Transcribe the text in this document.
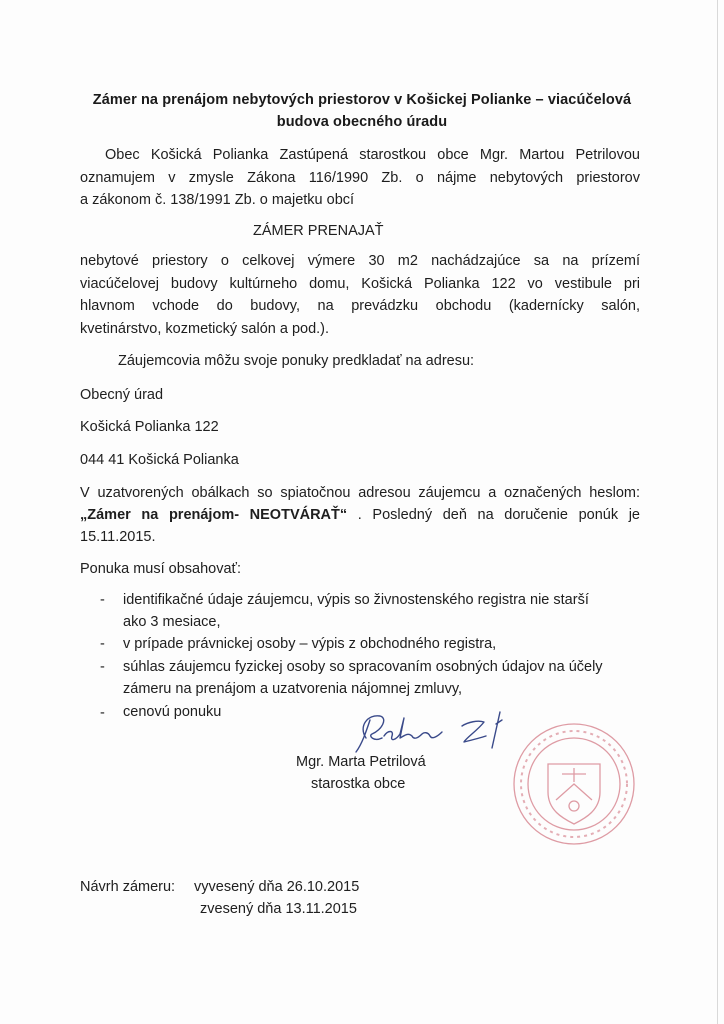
Zámer na prenájom nebytových priestorov v Košickej Polianke – viacúčelová
budova obecného úradu
Obec Košická Polianka Zastúpená starostkou obce Mgr. Martou Petrilovou
oznamujem v zmysle Zákona 116/1990 Zb. o nájme nebytových priestorov
a zákonom č. 138/1991 Zb. o majetku obcí
ZÁMER PRENAJAŤ
nebytové priestory o celkovej výmere 30 m2 nachádzajúce sa na prízemí
viacúčelovej budovy kultúrneho domu, Košická Polianka 122 vo vestibule pri
hlavnom vchode do budovy, na prevádzku obchodu (kadernícky salón,
kvetinárstvo, kozmetický salón a pod.).
Záujemcovia môžu svoje ponuky predkladať na adresu:
Obecný úrad
Košická Polianka 122
044 41 Košická Polianka
V uzatvorených obálkach so spiatočnou adresou záujemcu a označených heslom:
„Zámer na prenájom- NEOTVÁRAŤ“ . Posledný deň na doručenie ponúk je
15.11.2015.
Ponuka musí obsahovať:
- identifikačné údaje záujemcu, výpis so živnostenského registra nie starší
ako 3 mesiace,
- v prípade právnickej osoby – výpis z obchodného registra,
- súhlas záujemcu fyzickej osoby so spracovaním osobných údajov na účely
zámeru na prenájom a uzatvorenia nájomnej zmluvy,
- cenovú ponuku
Mgr. Marta Petrilová
starostka obce
Návrh zámeru: vyvesený dňa 26.10.2015
zvesený dňa 13.11.2015
